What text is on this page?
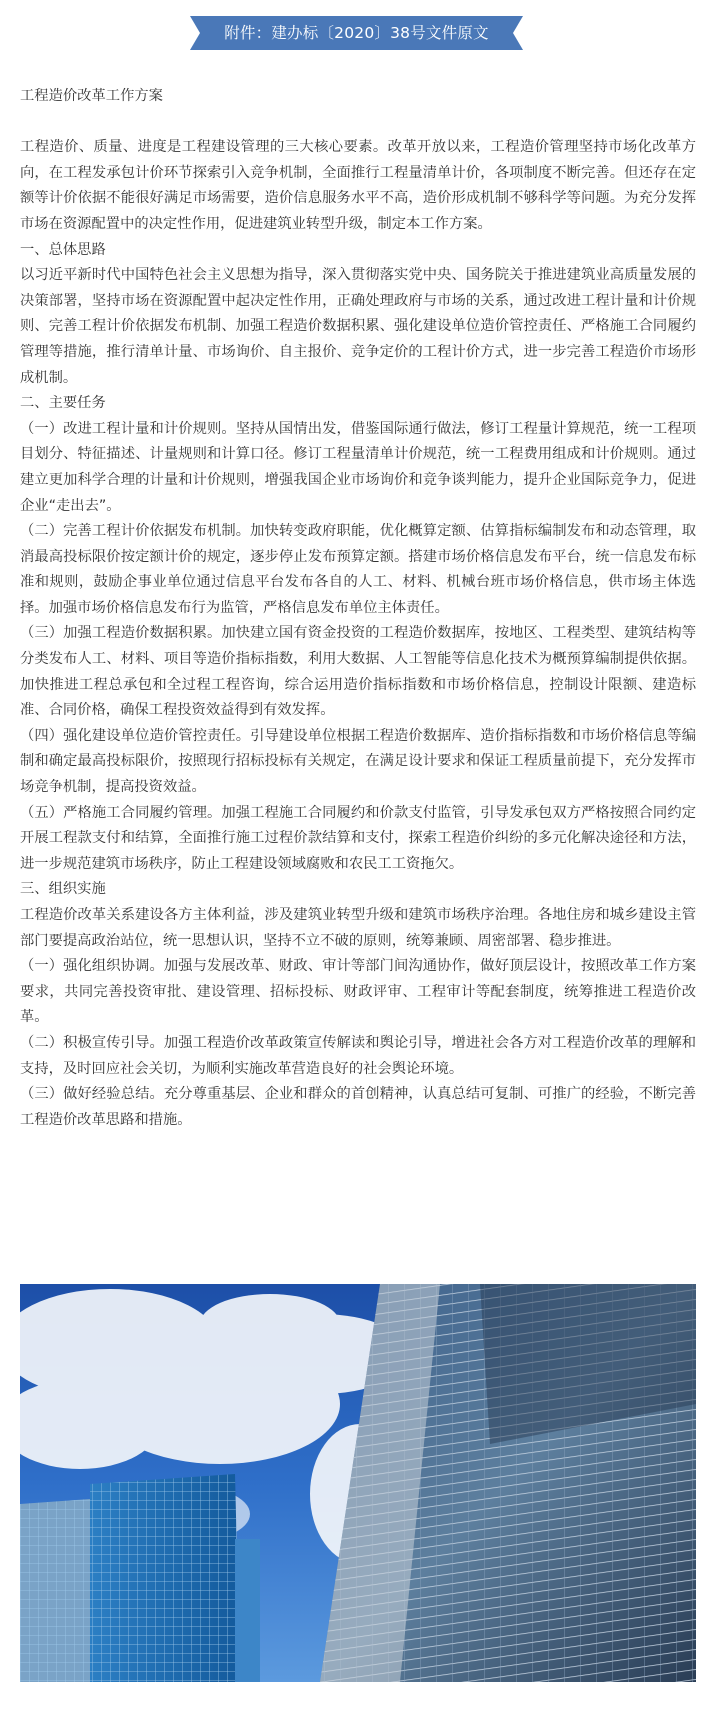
附件：建办标〔2020〕38号文件原文
工程造价改革工作方案

工程造价、质量、进度是工程建设管理的三大核心要素。改革开放以来，工程造价管理坚持市场化改革方向，在工程发承包计价环节探索引入竞争机制，全面推行工程量清单计价，各项制度不断完善。但还存在定额等计价依据不能很好满足市场需要，造价信息服务水平不高，造价形成机制不够科学等问题。为充分发挥市场在资源配置中的决定性作用，促进建筑业转型升级，制定本工作方案。

一、总体思路

以习近平新时代中国特色社会主义思想为指导，深入贯彻落实党中央、国务院关于推进建筑业高质量发展的决策部署，坚持市场在资源配置中起决定性作用，正确处理政府与市场的关系，通过改进工程计量和计价规则、完善工程计价依据发布机制、加强工程造价数据积累、强化建设单位造价管控责任、严格施工合同履约管理等措施，推行清单计量、市场询价、自主报价、竞争定价的工程计价方式，进一步完善工程造价市场形成机制。

二、主要任务

（一）改进工程计量和计价规则。坚持从国情出发，借鉴国际通行做法，修订工程量计算规范，统一工程项目划分、特征描述、计量规则和计算口径。修订工程量清单计价规范，统一工程费用组成和计价规则。通过建立更加科学合理的计量和计价规则，增强我国企业市场询价和竞争谈判能力，提升企业国际竞争力，促进企业“走出去”。

（二）完善工程计价依据发布机制。加快转变政府职能，优化概算定额、估算指标编制发布和动态管理，取消最高投标限价按定额计价的规定，逐步停止发布预算定额。搭建市场价格信息发布平台，统一信息发布标准和规则，鼓励企事业单位通过信息平台发布各自的人工、材料、机械台班市场价格信息，供市场主体选择。加强市场价格信息发布行为监管，严格信息发布单位主体责任。

（三）加强工程造价数据积累。加快建立国有资金投资的工程造价数据库，按地区、工程类型、建筑结构等分类发布人工、材料、项目等造价指标指数，利用大数据、人工智能等信息化技术为概预算编制提供依据。加快推进工程总承包和全过程工程咨询，综合运用造价指标指数和市场价格信息，控制设计限额、建造标准、合同价格，确保工程投资效益得到有效发挥。

（四）强化建设单位造价管控责任。引导建设单位根据工程造价数据库、造价指标指数和市场价格信息等编制和确定最高投标限价，按照现行招标投标有关规定，在满足设计要求和保证工程质量前提下，充分发挥市场竞争机制，提高投资效益。

（五）严格施工合同履约管理。加强工程施工合同履约和价款支付监管，引导发承包双方严格按照合同约定开展工程款支付和结算，全面推行施工过程价款结算和支付，探索工程造价纠纷的多元化解决途径和方法，进一步规范建筑市场秩序，防止工程建设领域腐败和农民工工资拖欠。

三、组织实施

工程造价改革关系建设各方主体利益，涉及建筑业转型升级和建筑市场秩序治理。各地住房和城乡建设主管部门要提高政治站位，统一思想认识，坚持不立不破的原则，统筹兼顾、周密部署、稳步推进。

（一）强化组织协调。加强与发展改革、财政、审计等部门间沟通协作，做好顶层设计，按照改革工作方案要求，共同完善投资审批、建设管理、招标投标、财政评审、工程审计等配套制度，统筹推进工程造价改革。

（二）积极宣传引导。加强工程造价改革政策宣传解读和舆论引导，增进社会各方对工程造价改革的理解和支持，及时回应社会关切，为顺利实施改革营造良好的社会舆论环境。

（三）做好经验总结。充分尊重基层、企业和群众的首创精神，认真总结可复制、可推广的经验，不断完善工程造价改革思路和措施。
